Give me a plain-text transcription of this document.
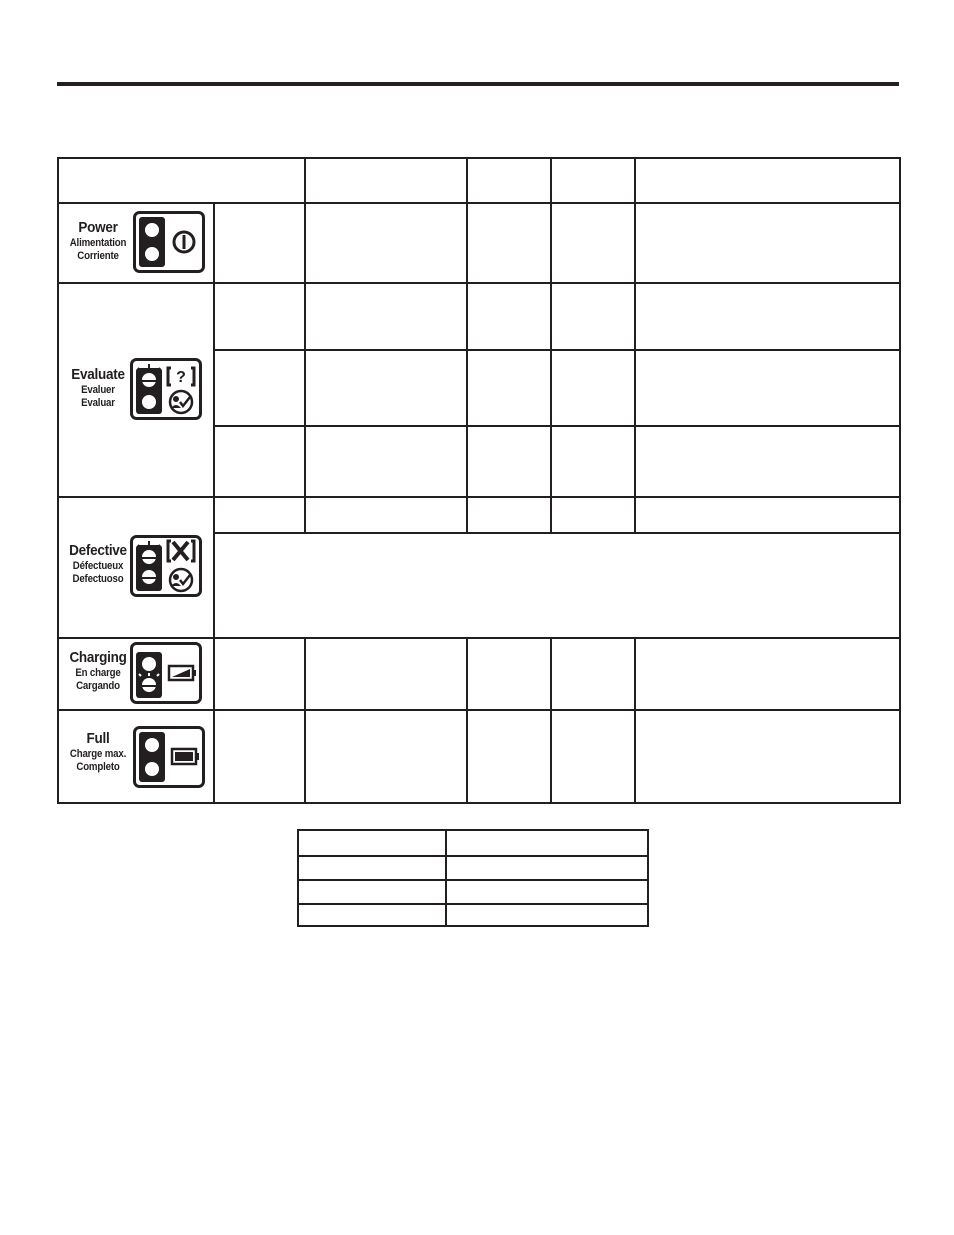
Power
Alimentation
Corriente
Evaluate
Evaluer
Evaluar
?
Defective
Défectueux
Defectuoso
Charging
En charge
Cargando
Full
Charge max.
Completo
